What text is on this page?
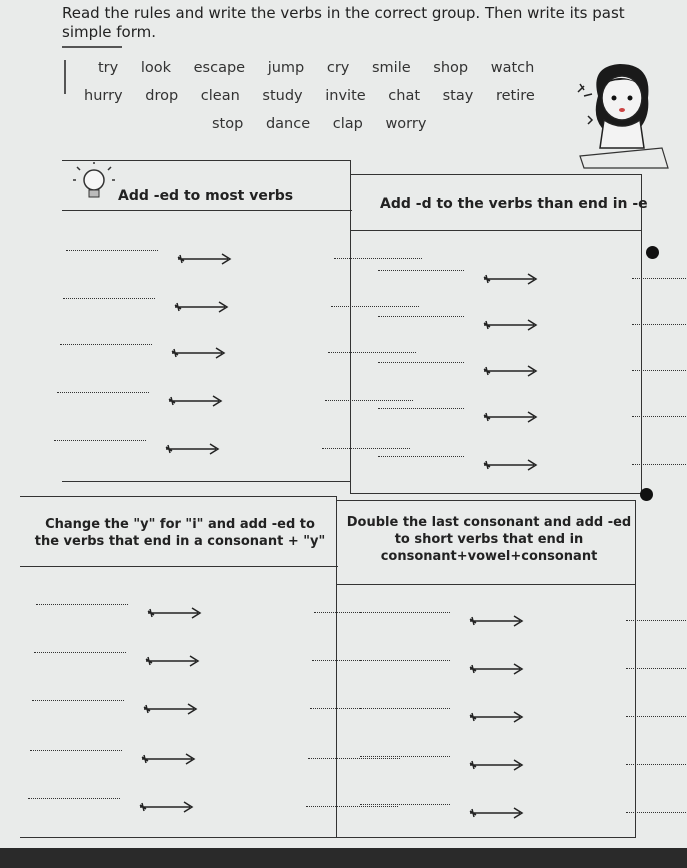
Read the rules and write the verbs in the correct group. Then write its past simple form.
try look escape jump cry smile shop watch
hurry drop clean study invite chat stay retire
stop dance clap worry
Add -ed to most verbs	Add -d to the verbs than end in -e
Change the "y" for "i" and add -ed to
the verbs that end in a consonant + "y"
Double the last consonant and add -ed
to short verbs that end in
consonant+vowel+consonant
